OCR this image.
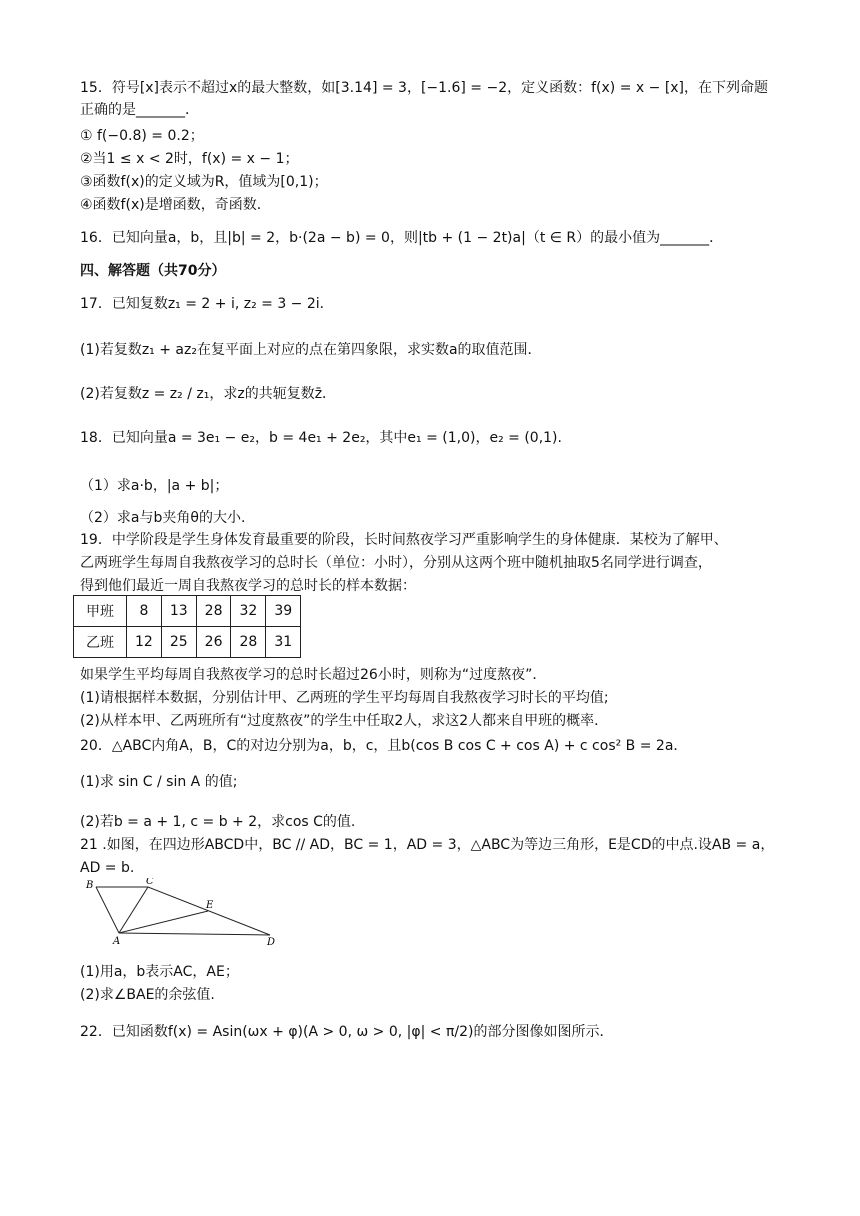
15．符号[x]表示不超过x的最大整数，如[3.14] = 3，[−1.6] = −2，定义函数：f(x) = x − [x]，在下列命题
正确的是_______．
① f(−0.8) = 0.2；
②当1 ≤ x < 2时，f(x) = x − 1；
③函数f(x)的定义域为R，值域为[0,1)；
④函数f(x)是增函数，奇函数．
16．已知向量a，b，且|b| = 2，b·(2a − b) = 0，则|tb + (1 − 2t)a|（t ∈ R）的最小值为_______．
四、解答题（共70分）
17．已知复数z₁ = 2 + i, z₂ = 3 − 2i．
(1)若复数z₁ + az₂在复平面上对应的点在第四象限，求实数a的取值范围．
(2)若复数z = z₂ / z₁，求z的共轭复数z̄．
18．已知向量a = 3e₁ − e₂，b = 4e₁ + 2e₂，其中e₁ = (1,0)，e₂ = (0,1).
（1）求a·b，|a + b|；
（2）求a与b夹角θ的大小.
19．中学阶段是学生身体发育最重要的阶段，长时间熬夜学习严重影响学生的身体健康．某校为了解甲、
乙两班学生每周自我熬夜学习的总时长（单位：小时），分别从这两个班中随机抽取5名同学进行调查，
得到他们最近一周自我熬夜学习的总时长的样本数据：
甲班	8	13	28	32	39
乙班	12	25	26	28	31
如果学生平均每周自我熬夜学习的总时长超过26小时，则称为“过度熬夜”．
(1)请根据样本数据，分别估计甲、乙两班的学生平均每周自我熬夜学习时长的平均值;
(2)从样本甲、乙两班所有“过度熬夜”的学生中任取2人，求这2人都来自甲班的概率．
20．△ABC内角A，B，C的对边分别为a，b，c，且b(cos B cos C + cos A) + c cos² B = 2a．
(1)求 sin C / sin A 的值;
(2)若b = a + 1, c = b + 2，求cos C的值.
21 .如图，在四边形ABCD中，BC // AD，BC = 1，AD = 3，△ABC为等边三角形，E是CD的中点.设AB = a，
AD = b.
B	C
E
A	D
(1)用a，b表示AC，AE；
(2)求∠BAE的余弦值.
22．已知函数f(x) = Asin(ωx + φ)(A > 0, ω > 0, |φ| < π/2)的部分图像如图所示．
